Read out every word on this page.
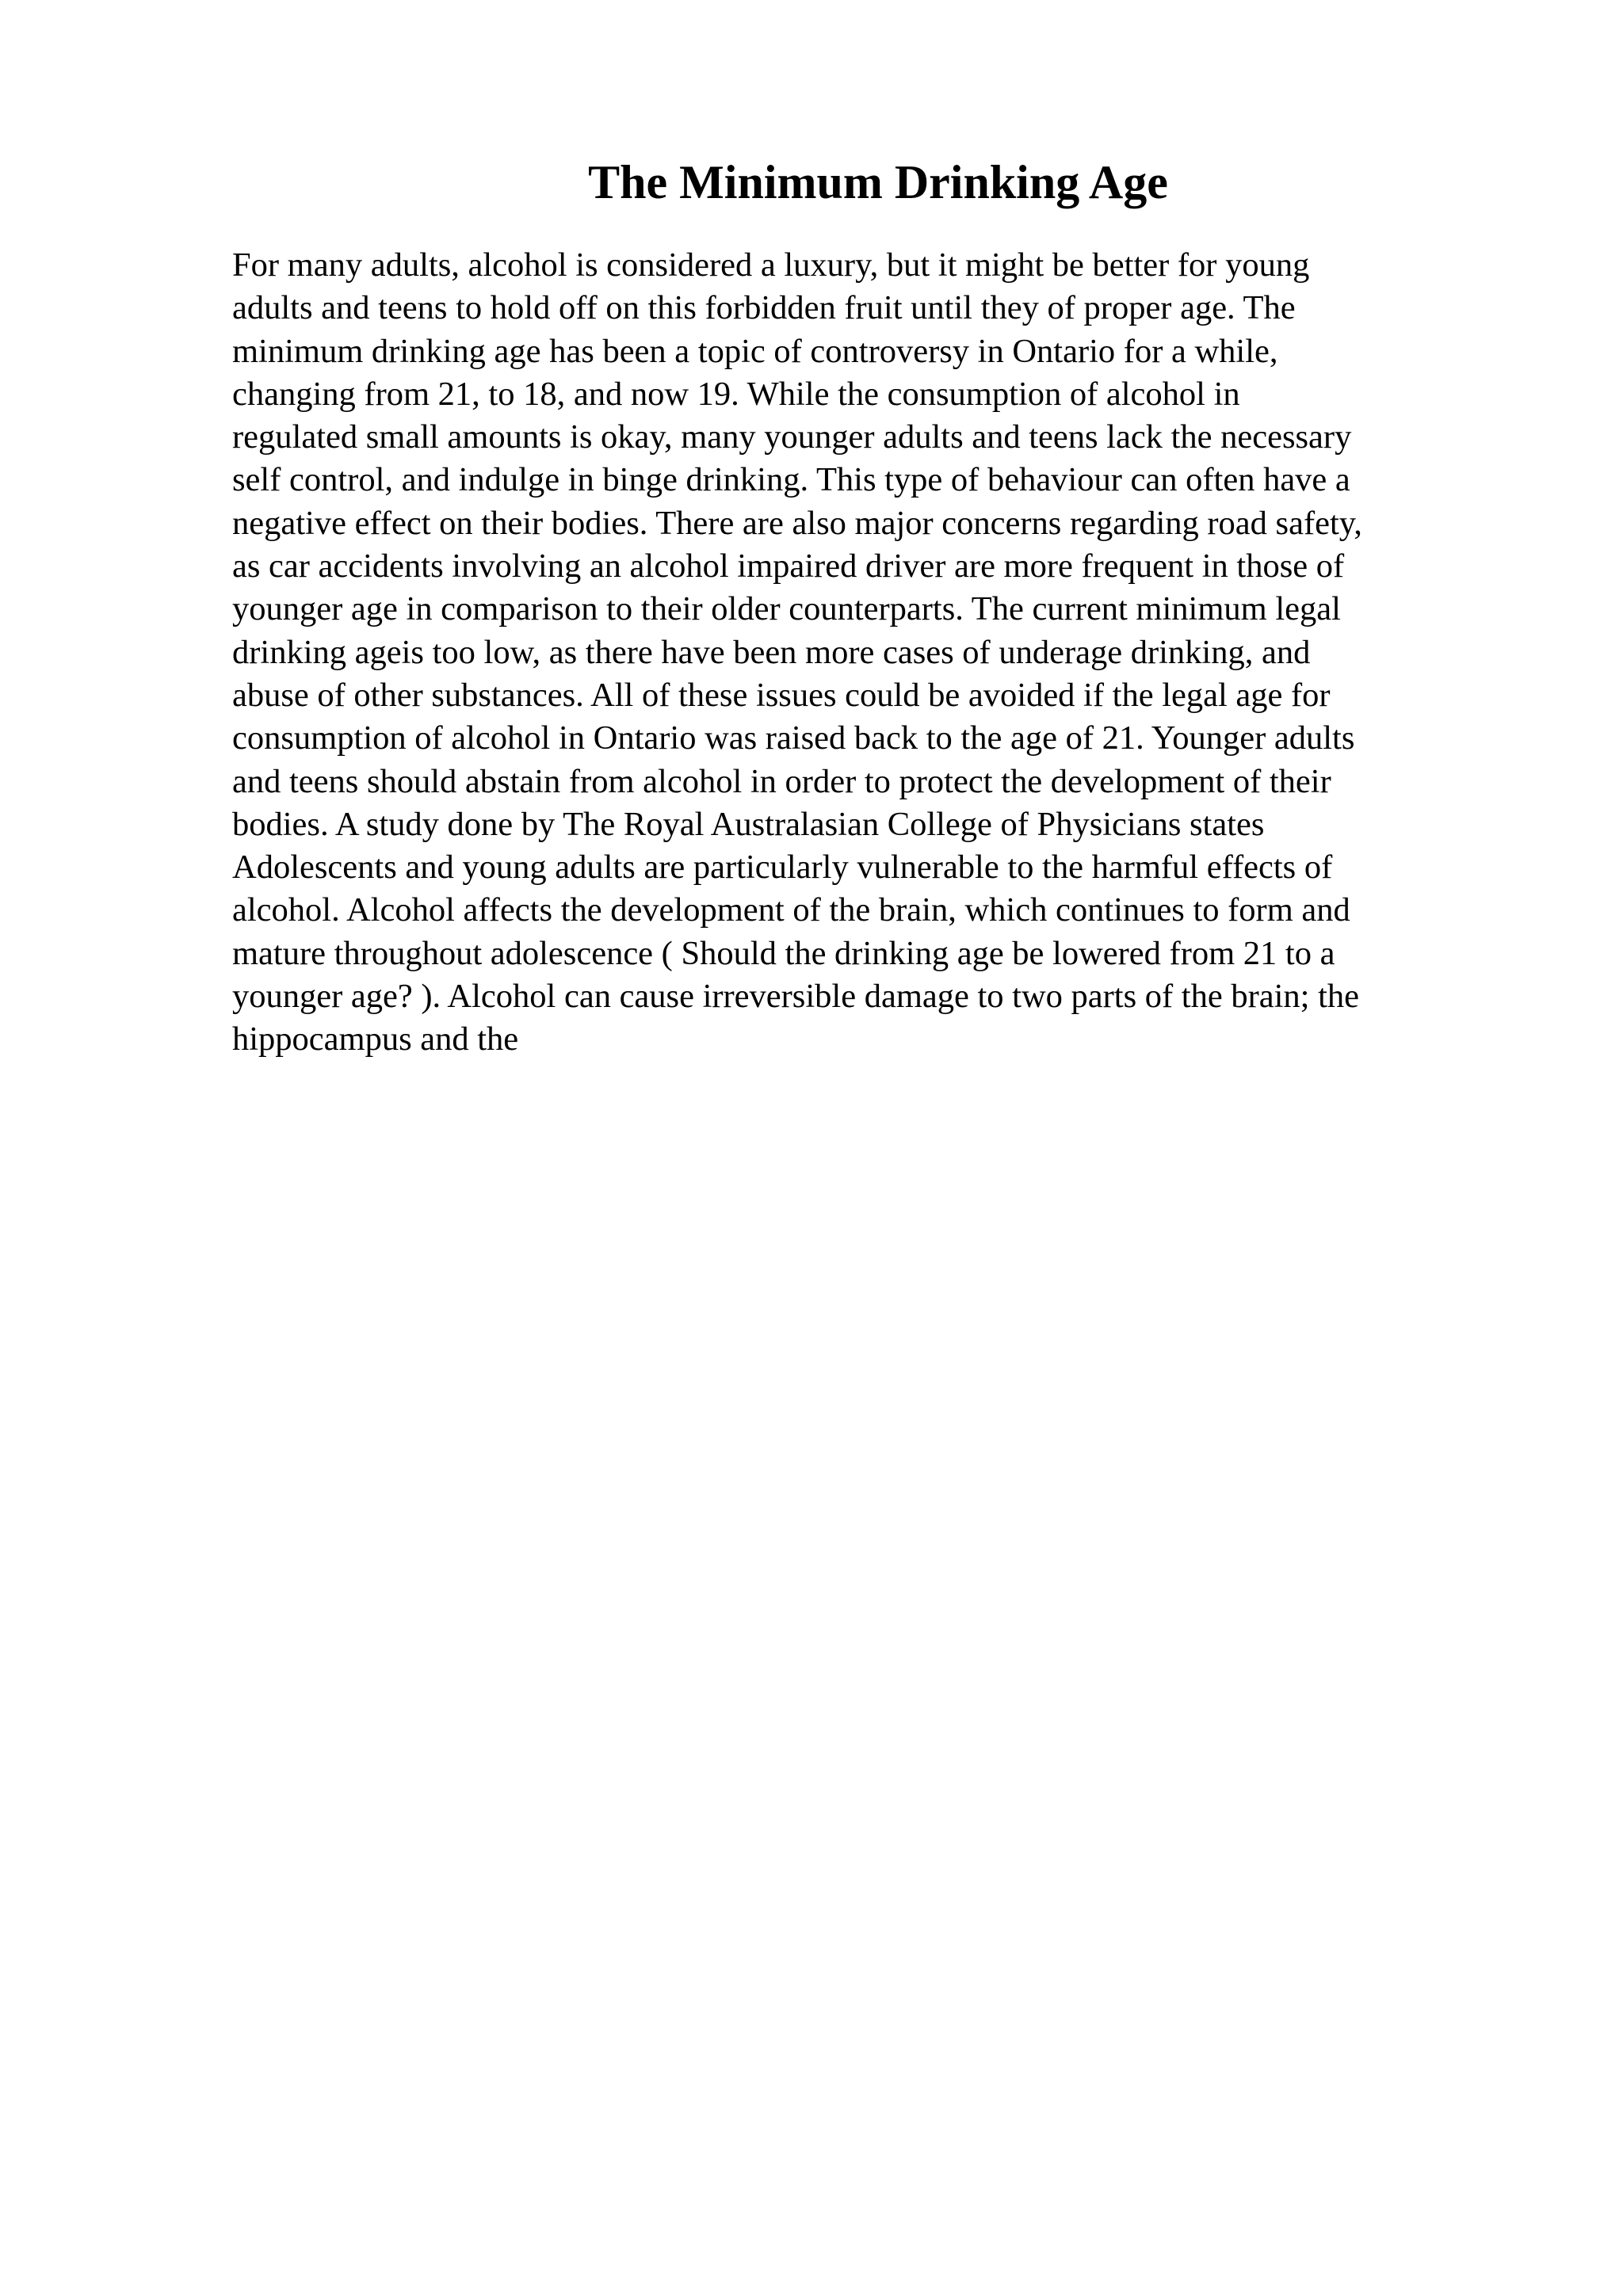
The Minimum Drinking Age
For many adults, alcohol is considered a luxury, but it might be better for young
adults and teens to hold off on this forbidden fruit until they of proper age. The
minimum drinking age has been a topic of controversy in Ontario for a while,
changing from 21, to 18, and now 19. While the consumption of alcohol in
regulated small amounts is okay, many younger adults and teens lack the necessary
self control, and indulge in binge drinking. This type of behaviour can often have a
negative effect on their bodies. There are also major concerns regarding road safety,
as car accidents involving an alcohol impaired driver are more frequent in those of
younger age in comparison to their older counterparts. The current minimum legal
drinking ageis too low, as there have been more cases of underage drinking, and
abuse of other substances. All of these issues could be avoided if the legal age for
consumption of alcohol in Ontario was raised back to the age of 21. Younger adults
and teens should abstain from alcohol in order to protect the development of their
bodies. A study done by The Royal Australasian College of Physicians states
Adolescents and young adults are particularly vulnerable to the harmful effects of
alcohol. Alcohol affects the development of the brain, which continues to form and
mature throughout adolescence ( Should the drinking age be lowered from 21 to a
younger age? ). Alcohol can cause irreversible damage to two parts of the brain; the
hippocampus and the
